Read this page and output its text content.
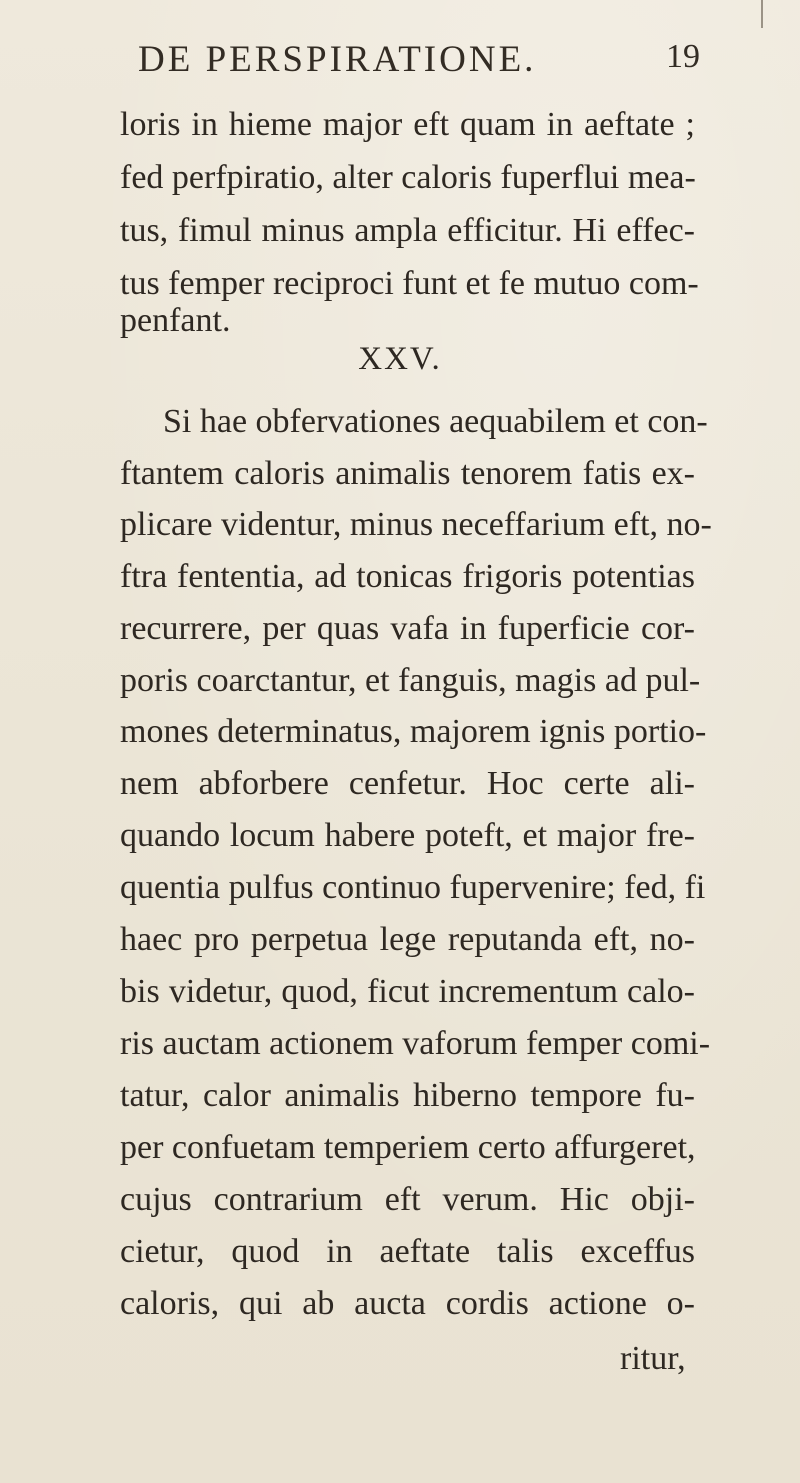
DE PERSPIRATIONE.	19
loris in hieme major eft quam in aeftate ;
fed perfpiratio, alter caloris fuperflui mea-
tus, fimul minus ampla efficitur. Hi effec-
tus femper reciproci funt et fe mutuo com-
penfant.
XXV.
Si hae obfervationes aequabilem et con-
ftantem caloris animalis tenorem fatis ex-
plicare videntur, minus neceffarium eft, no-
ftra fententia, ad tonicas frigoris potentias
recurrere, per quas vafa in fuperficie cor-
poris coarctantur, et fanguis, magis ad pul-
mones determinatus, majorem ignis portio-
nem abforbere cenfetur. Hoc certe ali-
quando locum habere poteft, et major fre-
quentia pulfus continuo fupervenire; fed, fi
haec pro perpetua lege reputanda eft, no-
bis videtur, quod, ficut incrementum calo-
ris auctam actionem vaforum femper comi-
tatur, calor animalis hiberno tempore fu-
per confuetam temperiem certo affurgeret,
cujus contrarium eft verum. Hic obji-
cietur, quod in aeftate talis exceffus
caloris, qui ab aucta cordis actione o-
ritur,
